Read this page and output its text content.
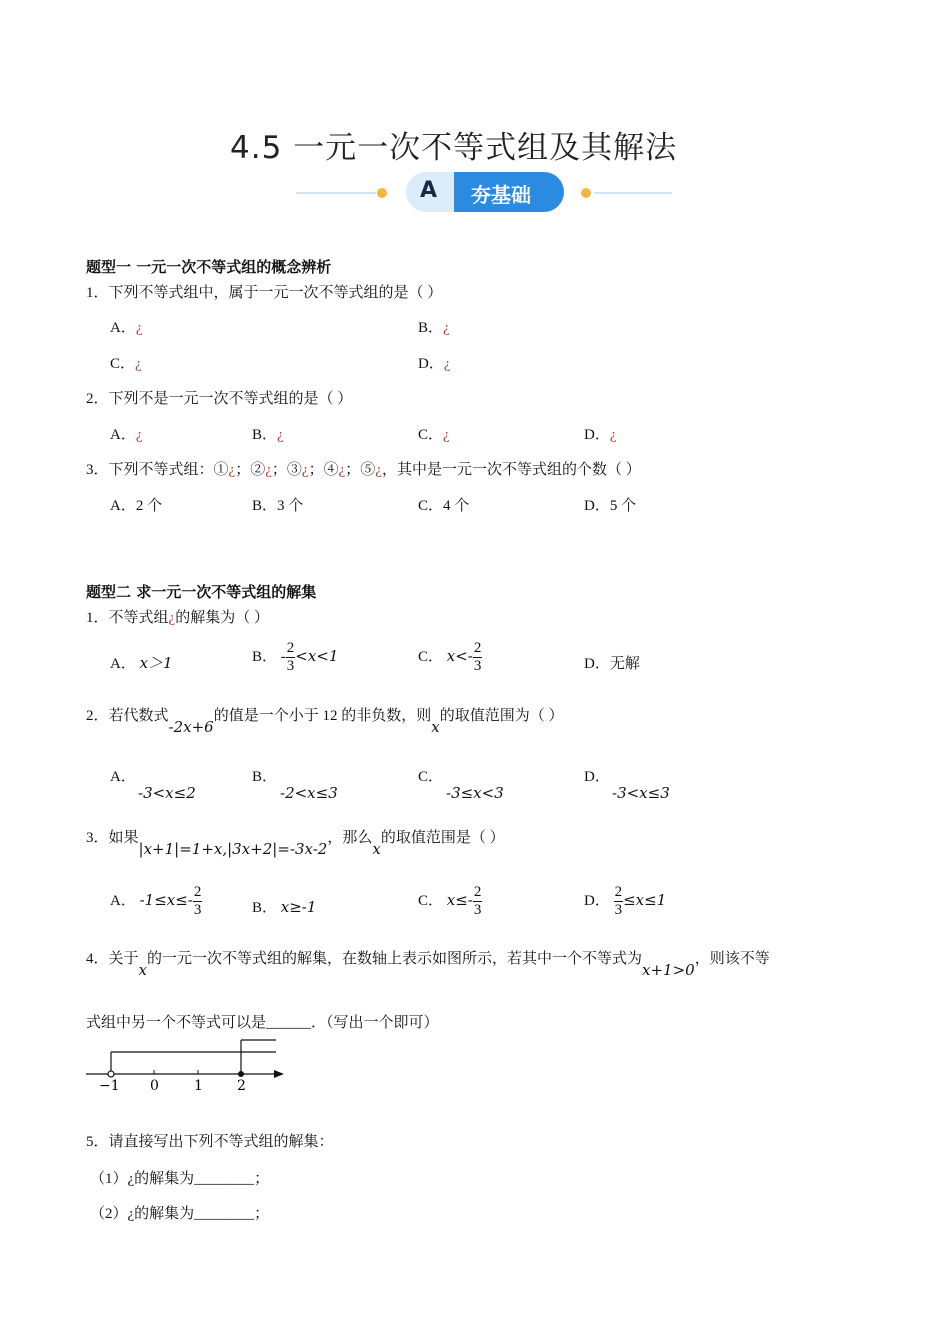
4.5 一元一次不等式组及其解法
A 夯基础
题型一 一元一次不等式组的概念辨析
1．下列不等式组中，属于一元一次不等式组的是（ ）
A．¿	B．¿
C．¿	D．¿
2．下列不是一元一次不等式组的是（ ）
A．¿	B．¿	C．¿	D．¿
3．下列不等式组：①¿；②¿；③¿；④¿；⑤¿，其中是一元一次不等式组的个数（ ）
A．2 个	B．3 个	C．4 个	D．5 个
题型二 求一元一次不等式组的解集
1．不等式组¿的解集为（ ）
A． x＞1	B． - $\frac{2}{3} <x<1$	C． $x<- \frac{2}{3}$	D．无解
2．若代数式-2x+6的值是一个小于 12 的非负数，则x的取值范围为（ ）
A．
-3<x≤2
B．
-2<x≤3
C．
-3≤x<3
D．
-3<x≤3
3．如果|x+1|=1+x,|3x+2|=-3x-2，那么x的取值范围是（ ）
A． $-1\le x\le- \frac{2}{3}$	B． x≥-1	C． $x\le- \frac{2}{3}$	D． $\frac{2}{3} \le x\le 1$
4．关于x的一元一次不等式组的解集，在数轴上表示如图所示，若其中一个不等式为x+1>0，则该不等
式组中另一个不等式可以是______．（写出一个即可）
−1 0	1 2
5．请直接写出下列不等式组的解集：
（1）¿的解集为________；
（2）¿的解集为________；
